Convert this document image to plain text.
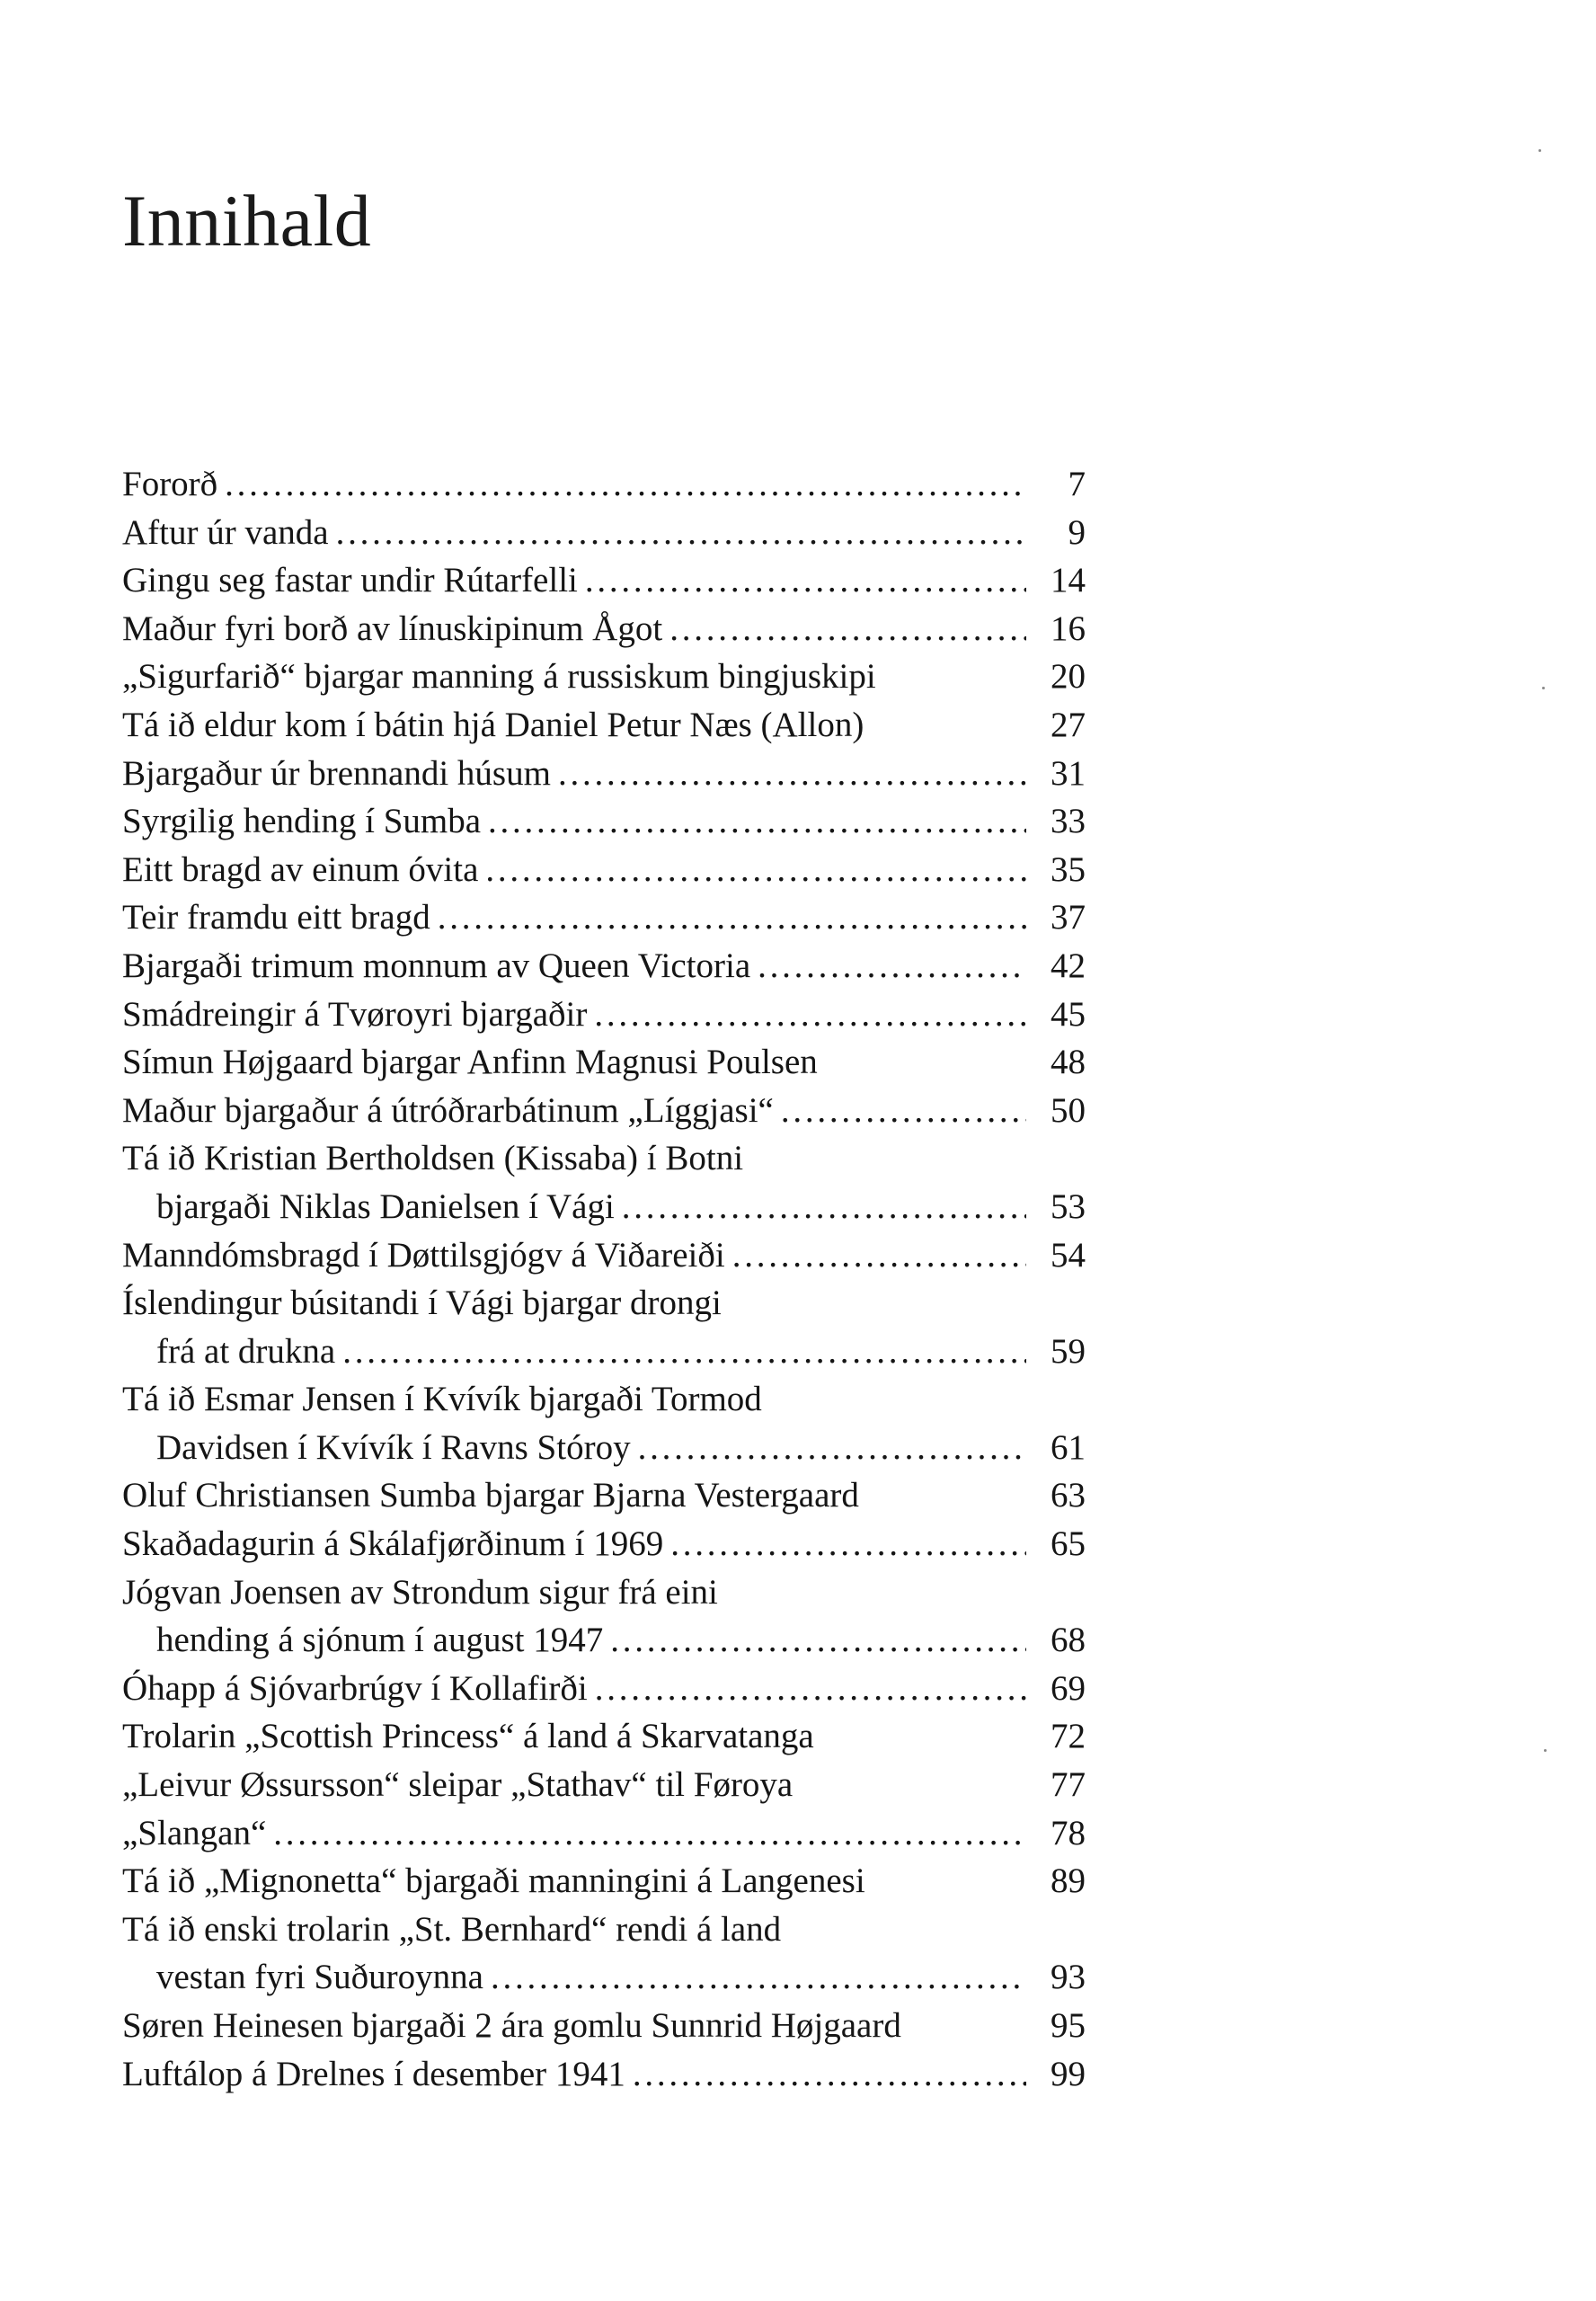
Innihald
Fororð . . .	7
Aftur úr vanda . . .	9
Gingu seg fastar undir Rútarfelli . . .	14
Maður fyri borð av línuskipinum Ågot . . .	16
„Sigurfarið“ bjargar manning á russiskum bingjuskipi	20
Tá ið eldur kom í bátin hjá Daniel Petur Næs (Allon)	27
Bjargaður úr brennandi húsum . . .	31
Syrgilig hending í Sumba . . .	33
Eitt bragd av einum óvita . . .	35
Teir framdu eitt bragd . . .	37
Bjargaði trimum monnum av Queen Victoria . . .	42
Smádreingir á Tvøroyri bjargaðir . . .	45
Símun Høјgaard bjargar Anfinn Magnusi Poulsen	48
Maður bjargaður á útróðrarbátinum „Líggjasi“ . . .	50
Tá ið Kristian Bertholdsen (Kissaba) í Botni
bjargaði Niklas Danielsen í Vági . . .	53
Manndómsbragd í Døttilsgjógv á Viðareiði . . .	54
Íslendingur búsitandi í Vági bjargar drongi
frá at drukna . . .	59
Tá ið Esmar Jensen í Kvívík bjargaði Tormod
Davidsen í Kvívík í Ravns Stóroy . . .	61
Oluf Christiansen Sumba bjargar Bjarna Vestergaard	63
Skaðadagurin á Skálafjørðinum í 1969 . . .	65
Jógvan Joensen av Strondum sigur frá eini
hending á sjónum í august 1947 . . .	68
Óhapp á Sjóvarbrúgv í Kollafirði . . .	69
Trolarin „Scottish Princess“ á land á Skarvatanga	72
„Leivur Øssursson“ sleipar „Stathav“ til Føroya	77
„Slangan“ . . .	78
Tá ið „Mignonetta“ bjargaði manningini á Langenesi	89
Tá ið enski trolarin „St. Bernhard“ rendi á land
vestan fyri Suðuroynna . . .	93
Søren Heinesen bjargaði 2 ára gomlu Sunnrid Høјgaard	95
Luftálop á Drelnes í desember 1941 . . .	99
